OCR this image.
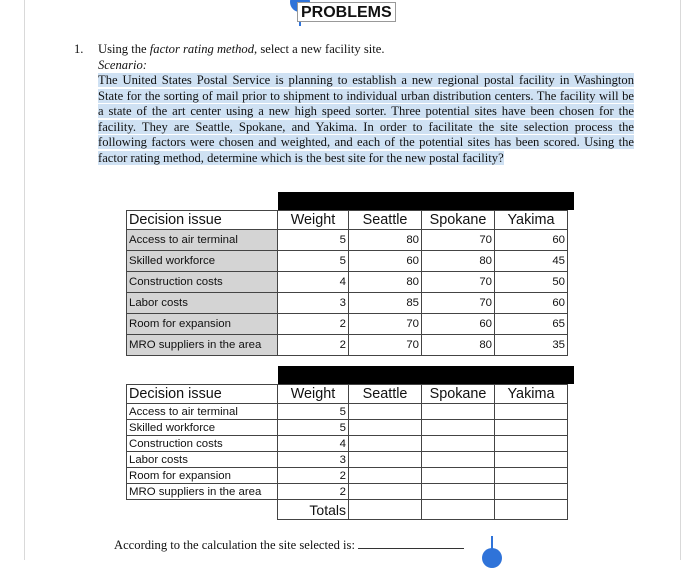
PROBLEMS
1. Using the factor rating method, select a new facility site.
Scenario:
The United States Postal Service is planning to establish a new regional postal facility in Washington State for the sorting of mail prior to shipment to individual urban distribution centers. The facility will be a state of the art center using a new high speed sorter. Three potential sites have been chosen for the facility. They are Seattle, Spokane, and Yakima. In order to facilitate the site selection process the following factors were chosen and weighted, and each of the potential sites has been scored. Using the factor rating method, determine which is the best site for the new postal facility?
Decision issue	Weight	Seattle	Spokane	Yakima
Access to air terminal	5	80	70	60
Skilled workforce	5	60	80	45
Construction costs	4	80	70	50
Labor costs	3	85	70	60
Room for expansion	2	70	60	65
MRO suppliers in the area	2	70	80	35
Decision issue	Weight	Seattle	Spokane	Yakima
Access to air terminal	5			
Skilled workforce	5			
Construction costs	4			
Labor costs	3			
Room for expansion	2			
MRO suppliers in the area	2			
	Totals			
According to the calculation the site selected is:
